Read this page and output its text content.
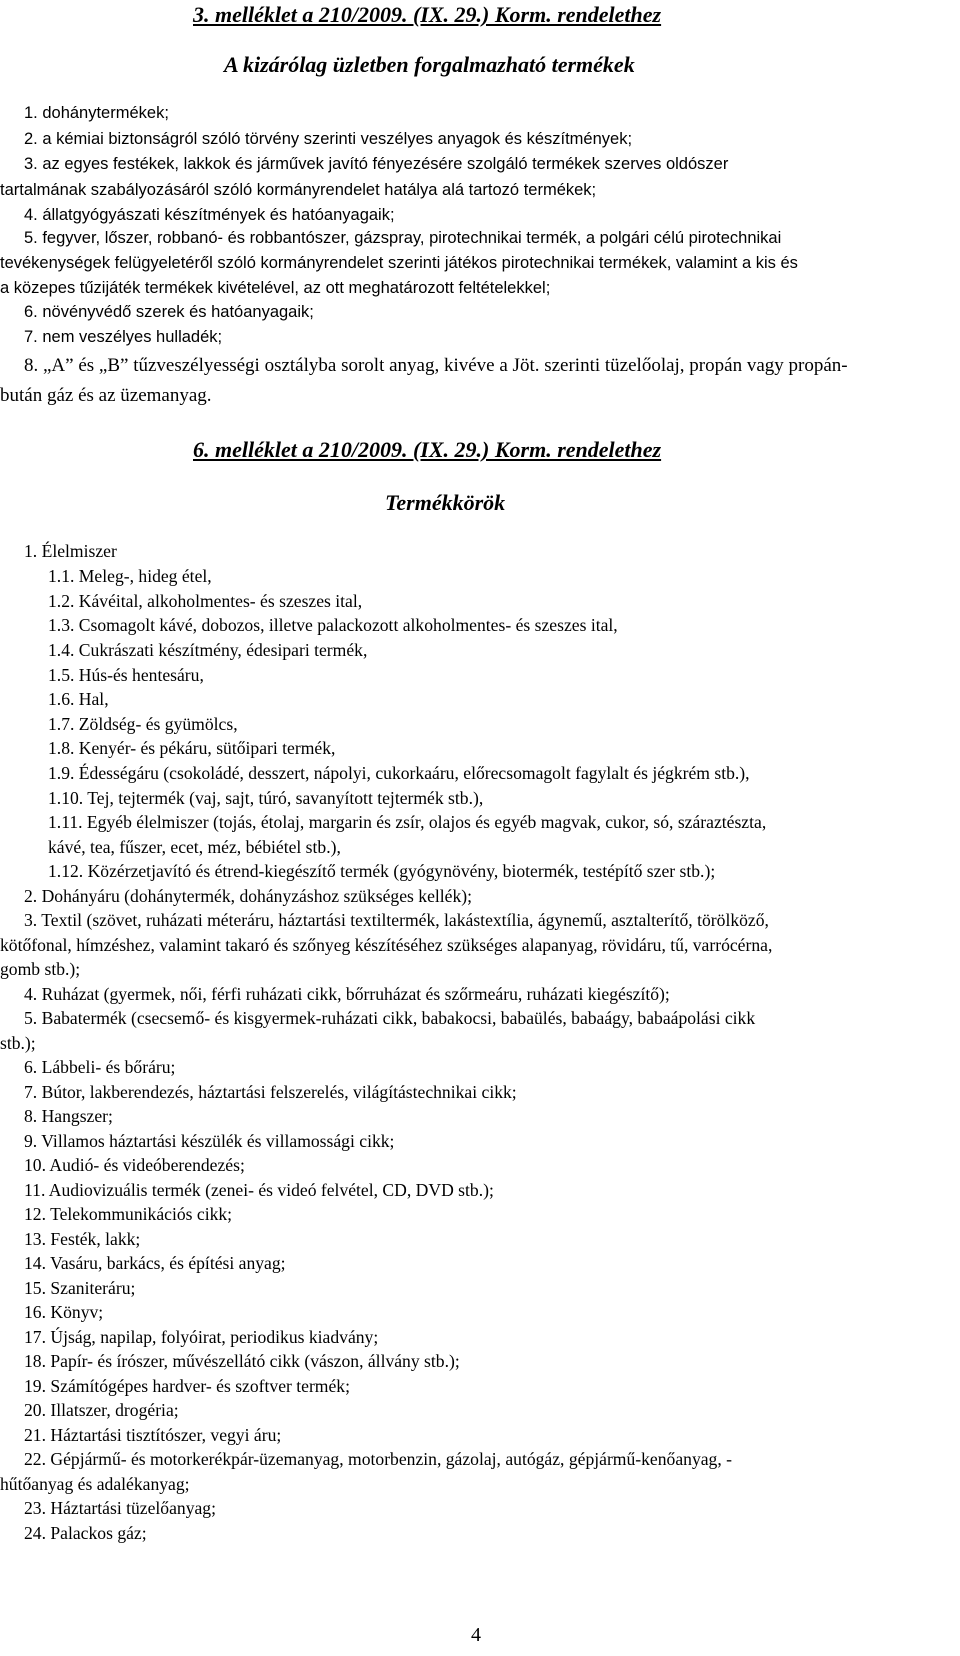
3. melléklet a 210/2009. (IX. 29.) Korm. rendelethez
A kizárólag üzletben forgalmazható termékek
1. dohánytermékek;
2. a kémiai biztonságról szóló törvény szerinti veszélyes anyagok és készítmények;
3. az egyes festékek, lakkok és járművek javító fényezésére szolgáló termékek szerves oldószer
tartalmának szabályozásáról szóló kormányrendelet hatálya alá tartozó termékek;
4. állatgyógyászati készítmények és hatóanyagaik;
5. fegyver, lőszer, robbanó- és robbantószer, gázspray, pirotechnikai termék, a polgári célú pirotechnikai
tevékenységek felügyeletéről szóló kormányrendelet szerinti játékos pirotechnikai termékek, valamint a kis és
a közepes tűzijáték termékek kivételével, az ott meghatározott feltételekkel;
6. növényvédő szerek és hatóanyagaik;
7. nem veszélyes hulladék;
8. „A” és „B” tűzveszélyességi osztályba sorolt anyag, kivéve a Jöt. szerinti tüzelőolaj, propán vagy propán-
bután gáz és az üzemanyag.
6. melléklet a 210/2009. (IX. 29.) Korm. rendelethez
Termékkörök
1. Élelmiszer
1.1. Meleg-, hideg étel,
1.2. Kávéital, alkoholmentes- és szeszes ital,
1.3. Csomagolt kávé, dobozos, illetve palackozott alkoholmentes- és szeszes ital,
1.4. Cukrászati készítmény, édesipari termék,
1.5. Hús-és hentesáru,
1.6. Hal,
1.7. Zöldség- és gyümölcs,
1.8. Kenyér- és pékáru, sütőipari termék,
1.9. Édességáru (csokoládé, desszert, nápolyi, cukorkaáru, előrecsomagolt fagylalt és jégkrém stb.),
1.10. Tej, tejtermék (vaj, sajt, túró, savanyított tejtermék stb.),
1.11. Egyéb élelmiszer (tojás, étolaj, margarin és zsír, olajos és egyéb magvak, cukor, só, száraztészta,
kávé, tea, fűszer, ecet, méz, bébiétel stb.),
1.12. Közérzetjavító és étrend-kiegészítő termék (gyógynövény, biotermék, testépítő szer stb.);
2. Dohányáru (dohánytermék, dohányzáshoz szükséges kellék);
3. Textil (szövet, ruházati méteráru, háztartási textiltermék, lakástextília, ágynemű, asztalterítő, törölköző,
kötőfonal, hímzéshez, valamint takaró és szőnyeg készítéséhez szükséges alapanyag, rövidáru, tű, varrócérna,
gomb stb.);
4. Ruházat (gyermek, női, férfi ruházati cikk, bőrruházat és szőrmeáru, ruházati kiegészítő);
5. Babatermék (csecsemő- és kisgyermek-ruházati cikk, babakocsi, babaülés, babaágy, babaápolási cikk
stb.);
6. Lábbeli- és bőráru;
7. Bútor, lakberendezés, háztartási felszerelés, világítástechnikai cikk;
8. Hangszer;
9. Villamos háztartási készülék és villamossági cikk;
10. Audió- és videóberendezés;
11. Audiovizuális termék (zenei- és videó felvétel, CD, DVD stb.);
12. Telekommunikációs cikk;
13. Festék, lakk;
14. Vasáru, barkács, és építési anyag;
15. Szaniteráru;
16. Könyv;
17. Újság, napilap, folyóirat, periodikus kiadvány;
18. Papír- és írószer, művészellátó cikk (vászon, állvány stb.);
19. Számítógépes hardver- és szoftver termék;
20. Illatszer, drogéria;
21. Háztartási tisztítószer, vegyi áru;
22. Gépjármű- és motorkerékpár-üzemanyag, motorbenzin, gázolaj, autógáz, gépjármű-kenőanyag, -
hűtőanyag és adalékanyag;
23. Háztartási tüzelőanyag;
24. Palackos gáz;
4
